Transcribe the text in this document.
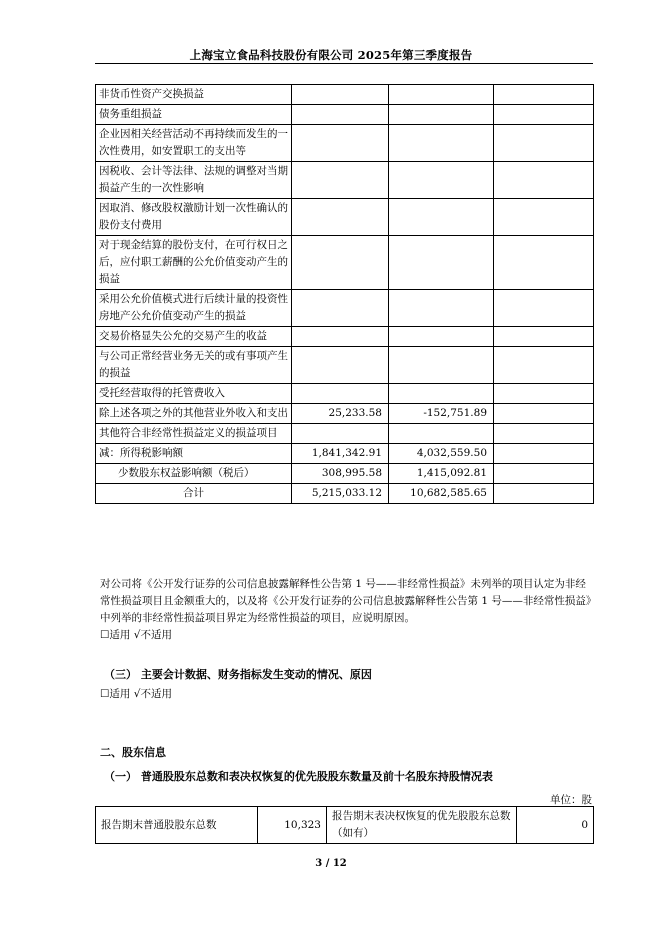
上海宝立食品科技股份有限公司 2025年第三季度报告
非货币性资产交换损益			
债务重组损益			
企业因相关经营活动不再持续而发生的一次性费用，如安置职工的支出等			
因税收、会计等法律、法规的调整对当期损益产生的一次性影响			
因取消、修改股权激励计划一次性确认的股份支付费用			
对于现金结算的股份支付，在可行权日之后，应付职工薪酬的公允价值变动产生的损益			
采用公允价值模式进行后续计量的投资性房地产公允价值变动产生的损益			
交易价格显失公允的交易产生的收益			
与公司正常经营业务无关的或有事项产生的损益			
受托经营取得的托管费收入			
除上述各项之外的其他营业外收入和支出	25,233.58	-152,751.89	
其他符合非经常性损益定义的损益项目			
减：所得税影响额	1,841,342.91	4,032,559.50	
少数股东权益影响额（税后）	308,995.58	1,415,092.81	
合计	5,215,033.12	10,682,585.65	
对公司将《公开发行证券的公司信息披露解释性公告第 1 号——非经常性损益》未列举的项目认定为非经常性损益项目且金额重大的，以及将《公开发行证券的公司信息披露解释性公告第 1 号——非经常性损益》中列举的非经常性损益项目界定为经常性损益的项目，应说明原因。
☐适用 √不适用
（三） 主要会计数据、财务指标发生变动的情况、原因
☐适用 √不适用
二、股东信息
（一） 普通股股东总数和表决权恢复的优先股股东数量及前十名股东持股情况表
单位：股
报告期末普通股股东总数	10,323	报告期末表决权恢复的优先股股东总数（如有）	0
3 / 12
